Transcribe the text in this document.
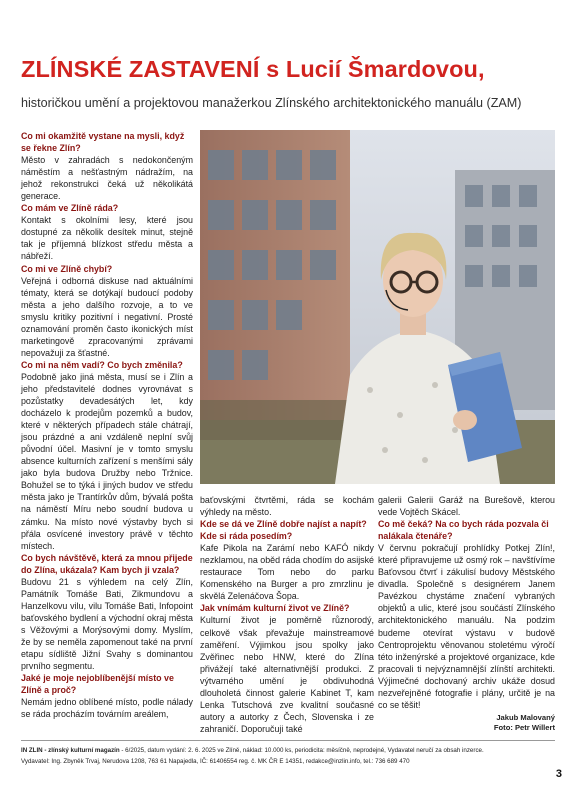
ZLÍNSKÉ ZASTAVENÍ s Lucií Šmardovou,
historičkou umění a projektovou manažerkou Zlínského architektonického manuálu (ZAM)
Co mi okamžitě vystane na mysli, když se řekne Zlín?
Město v zahradách s nedokončeným náměstím a nešťastným nádražím, na jehož rekonstrukci čeká už několikátá generace.
Co mám ve Zlíně ráda?
Kontakt s okolními lesy, které jsou dostupné za několik desítek minut, stejně tak je příjemná blízkost středu města a nábřeží.
Co mi ve Zlíně chybí?
Veřejná i odborná diskuse nad aktuálními tématy, která se dotýkají budoucí podoby města a jeho dalšího rozvoje, a to ve smyslu kritiky pozitivní i negativní. Prosté oznamování proměn často ikonických míst marketingově zpracovanými zprávami nepovažuji za šťastné.
Co mi na něm vadí? Co bych změnila?
Podobně jako jiná města, musí se i Zlín a jeho představitelé dodnes vyrovnávat s pozůstatky devadesátých let, kdy docházelo k prodejům pozemků a budov, které v některých případech stále chátrají, jsou prázdné a ani vzdáleně neplní svůj původní účel. Masivní je v tomto smyslu absence kulturních zařízení s menšími sály jako byla budova Družby nebo Tržnice. Bohužel se to týká i jiných budov ve středu města jako je Trantírkův dům, bývalá pošta na náměstí Míru nebo soudní budova u zámku. Na místo nové výstavby bych si přála osvícené investory právě v těchto místech.
Co bych návštěvě, která za mnou přijede do Zlína, ukázala? Kam bych ji vzala?
Budovu 21 s výhledem na celý Zlín, Památník Tomáše Bati, Zikmundovu a Hanzelkovu vilu, vilu Tomáše Bati, Infopoint baťovského bydlení a východní okraj města s Věžovými a Morýsovými domy. Myslím, že by se neměla zapomenout také na první etapu sídliště Jižní Svahy s dominantou prvního segmentu.
Jaké je moje nejoblíbenější místo ve Zlíně a proč?
Nemám jedno oblíbené místo, podle nálady se ráda procházím továrním areálem,
baťovskými čtvrtěmi, ráda se kochám výhledy na město.
Kde se dá ve Zlíně dobře najíst a napít? Kde si ráda posedím?
Kafe Pikola na Zarámí nebo KAFÓ nikdy nezklamou, na oběd ráda chodím do asijské restaurace Tom nebo do parku Komenského na Burger a pro zmrzlinu je skvělá Zelenáčova Šopa.
Jak vnímám kulturní život ve Zlíně?
Kulturní život je poměrně různorodý, celkově však převažuje mainstreamové zaměření. Výjimkou jsou spolky jako Zvěřinec nebo HNW, které do Zlína přivážejí také alternativnější produkci. Z výtvarného umění je obdivuhodná dlouholetá činnost galerie Kabinet T, kam Lenka Tutschová zve kvalitní současné autory a autorky z Čech, Slovenska i ze zahraničí. Doporučuji také
galerii Galerii Garáž na Burešově, kterou vede Vojtěch Skácel.
Co mě čeká? Na co bych ráda pozvala či nalákala čtenáře?
V červnu pokračují prohlídky Potkej Zlín!, které připravujeme už osmý rok – navštívíme Baťovsou čtvrť i zákulisí budovy Městského divadla. Společně s designérem Janem Pavézkou chystáme značení vybraných objektů a ulic, které jsou součástí Zlínského architektonického manuálu. Na podzim budeme otevírat výstavu v budově Centroprojektu věnovanou stoletému výročí této inženýrské a projektové organizace, kde pracovali ti nejvýznamnější zlínští architekti. Výjimečné dochovaný archiv ukáže dosud nezveřejněné fotografie i plány, určitě je na co se těšit!
Jakub Malovaný
Foto: Petr Willert
IN ZLIN - zlínský kulturní magazín - 6/2025, datum vydání: 2. 6. 2025 ve Zlíně, náklad: 10.000 ks, periodicita: měsíčně, neprodejné, Vydavatel neručí za obsah inzerce.
Vydavatel: Ing. Zbyněk Trvaj, Nerudova 1208, 763 61 Napajedla, IČ: 61406554 reg. č. MK ČR E 14351, redakce@inzlin.info, tel.: 736 689 470
3
